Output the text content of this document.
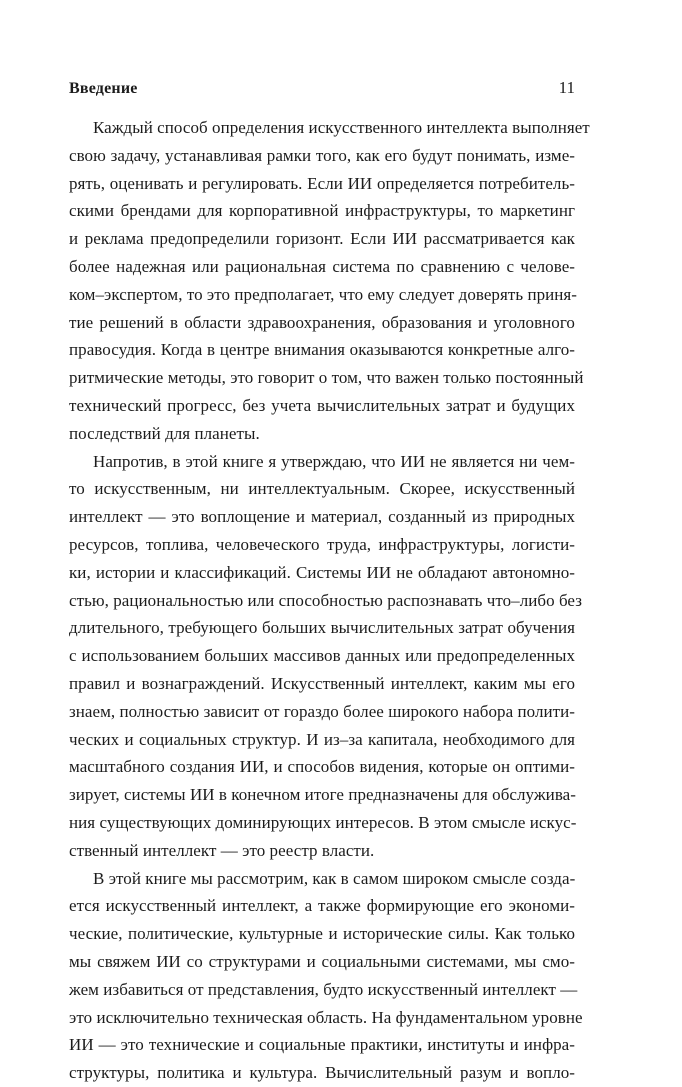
Введение	11
Каждый способ определения искусственного интеллекта выполняет
свою задачу, устанавливая рамки того, как его будут понимать, изме-
рять, оценивать и регулировать. Если ИИ определяется потребитель-
скими брендами для корпоративной инфраструктуры, то маркетинг
и реклама предопределили горизонт. Если ИИ рассматривается как
более надежная или рациональная система по сравнению с челове-
ком–экспертом, то это предполагает, что ему следует доверять приня-
тие решений в области здравоохранения, образования и уголовного
правосудия. Когда в центре внимания оказываются конкретные алго-
ритмические методы, это говорит о том, что важен только постоянный
технический прогресс, без учета вычислительных затрат и будущих
последствий для планеты.
Напротив, в этой книге я утверждаю, что ИИ не является ни чем-
то искусственным, ни интеллектуальным. Скорее, искусственный
интеллект — это воплощение и материал, созданный из природных
ресурсов, топлива, человеческого труда, инфраструктуры, логисти-
ки, истории и классификаций. Системы ИИ не обладают автономно-
стью, рациональностью или способностью распознавать что–либо без
длительного, требующего больших вычислительных затрат обучения
с использованием больших массивов данных или предопределенных
правил и вознаграждений. Искусственный интеллект, каким мы его
знаем, полностью зависит от гораздо более широкого набора полити-
ческих и социальных структур. И из–за капитала, необходимого для
масштабного создания ИИ, и способов видения, которые он оптими-
зирует, системы ИИ в конечном итоге предназначены для обслужива-
ния существующих доминирующих интересов. В этом смысле искус-
ственный интеллект — это реестр власти.
В этой книге мы рассмотрим, как в самом широком смысле созда-
ется искусственный интеллект, а также формирующие его экономи-
ческие, политические, культурные и исторические силы. Как только
мы свяжем ИИ со структурами и социальными системами, мы смо-
жем избавиться от представления, будто искусственный интеллект —
это исключительно техническая область. На фундаментальном уровне
ИИ — это технические и социальные практики, институты и инфра-
структуры, политика и культура. Вычислительный разум и вопло-
